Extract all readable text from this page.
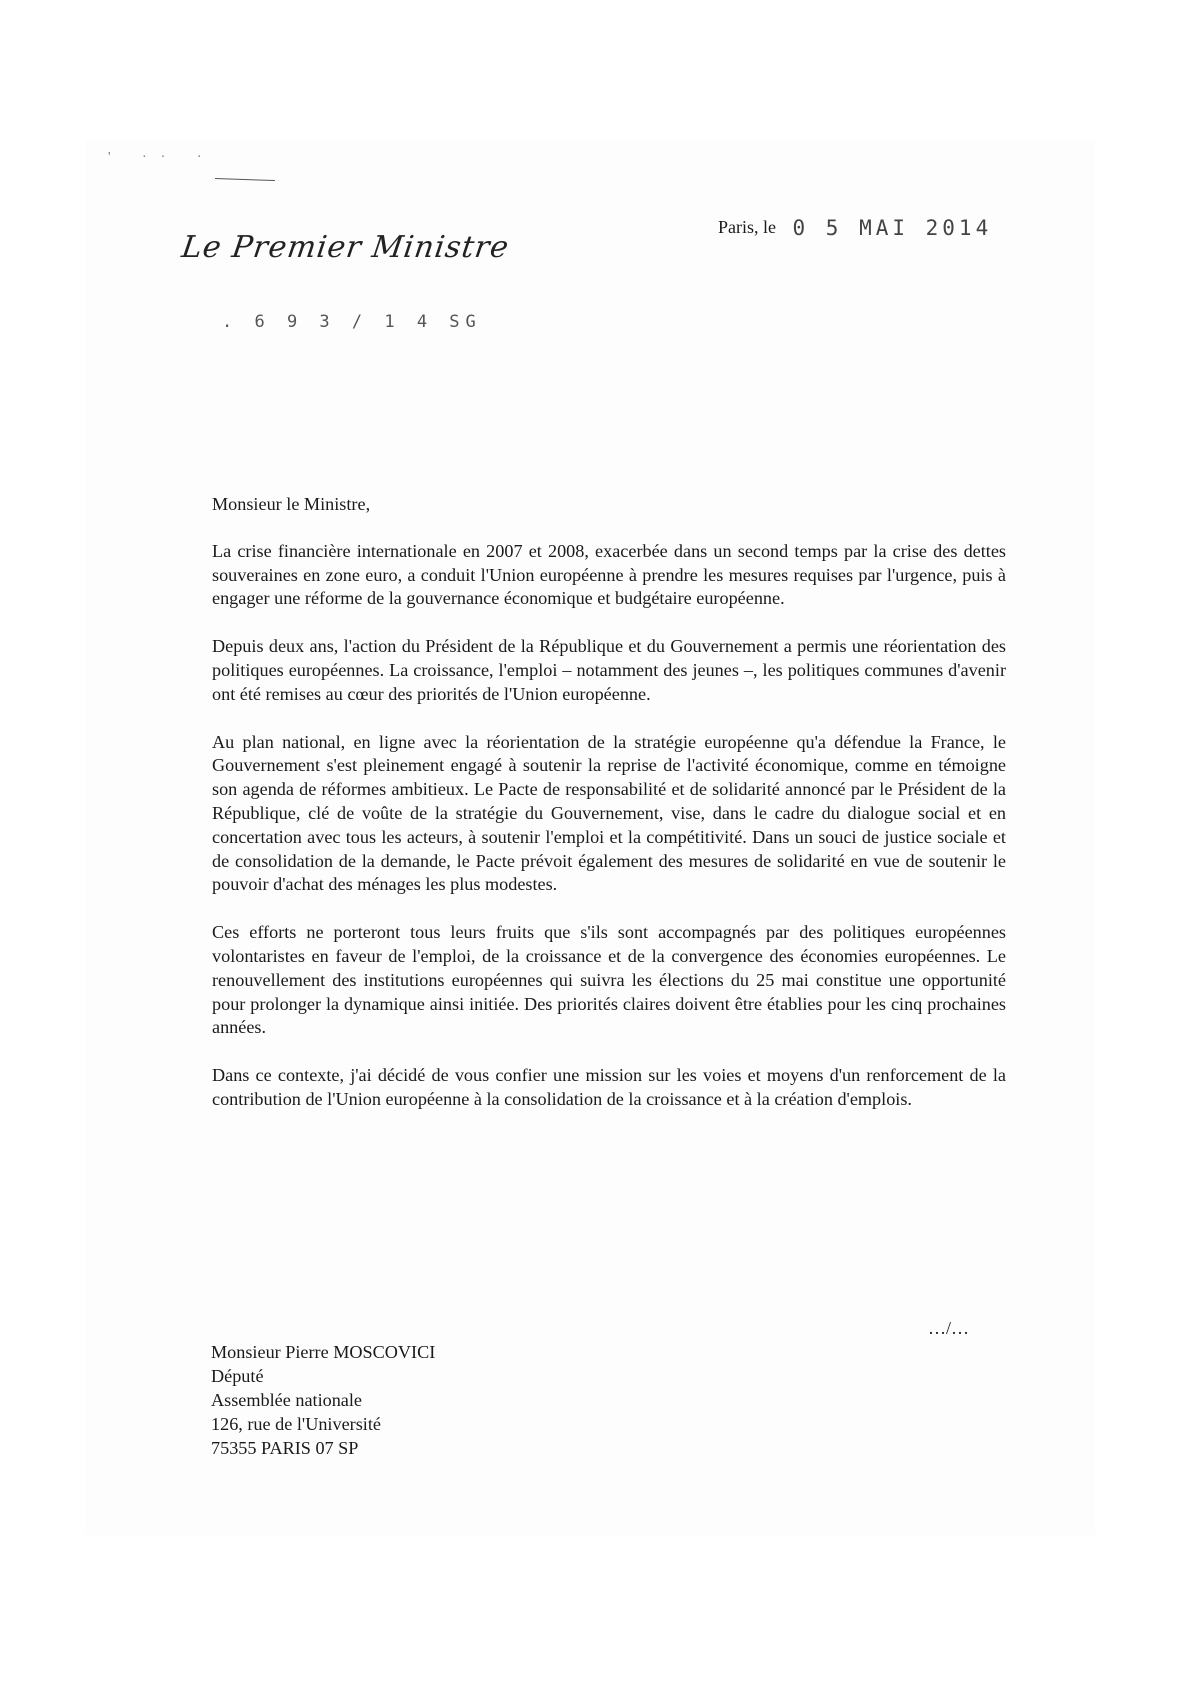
' ·· ·
Le Premier Ministre
Paris, le 0 5 MAI 2014
. 6 9 3 / 1 4 SG

Monsieur le Ministre,

La crise financière internationale en 2007 et 2008, exacerbée dans un second temps par la crise des dettes souveraines en zone euro, a conduit l'Union européenne à prendre les mesures requises par l'urgence, puis à engager une réforme de la gouvernance économique et budgétaire européenne.

Depuis deux ans, l'action du Président de la République et du Gouvernement a permis une réorientation des politiques européennes. La croissance, l'emploi – notamment des jeunes –, les politiques communes d'avenir ont été remises au cœur des priorités de l'Union européenne.

Au plan national, en ligne avec la réorientation de la stratégie européenne qu'a défendue la France, le Gouvernement s'est pleinement engagé à soutenir la reprise de l'activité économique, comme en témoigne son agenda de réformes ambitieux. Le Pacte de responsabilité et de solidarité annoncé par le Président de la République, clé de voûte de la stratégie du Gouvernement, vise, dans le cadre du dialogue social et en concertation avec tous les acteurs, à soutenir l'emploi et la compétitivité. Dans un souci de justice sociale et de consolidation de la demande, le Pacte prévoit également des mesures de solidarité en vue de soutenir le pouvoir d'achat des ménages les plus modestes.

Ces efforts ne porteront tous leurs fruits que s'ils sont accompagnés par des politiques européennes volontaristes en faveur de l'emploi, de la croissance et de la convergence des économies européennes. Le renouvellement des institutions européennes qui suivra les élections du 25 mai constitue une opportunité pour prolonger la dynamique ainsi initiée. Des priorités claires doivent être établies pour les cinq prochaines années.

Dans ce contexte, j'ai décidé de vous confier une mission sur les voies et moyens d'un renforcement de la contribution de l'Union européenne à la consolidation de la croissance et à la création d'emplois.

…/…
Monsieur Pierre MOSCOVICI
Député
Assemblée nationale
126, rue de l'Université
75355 PARIS 07 SP
